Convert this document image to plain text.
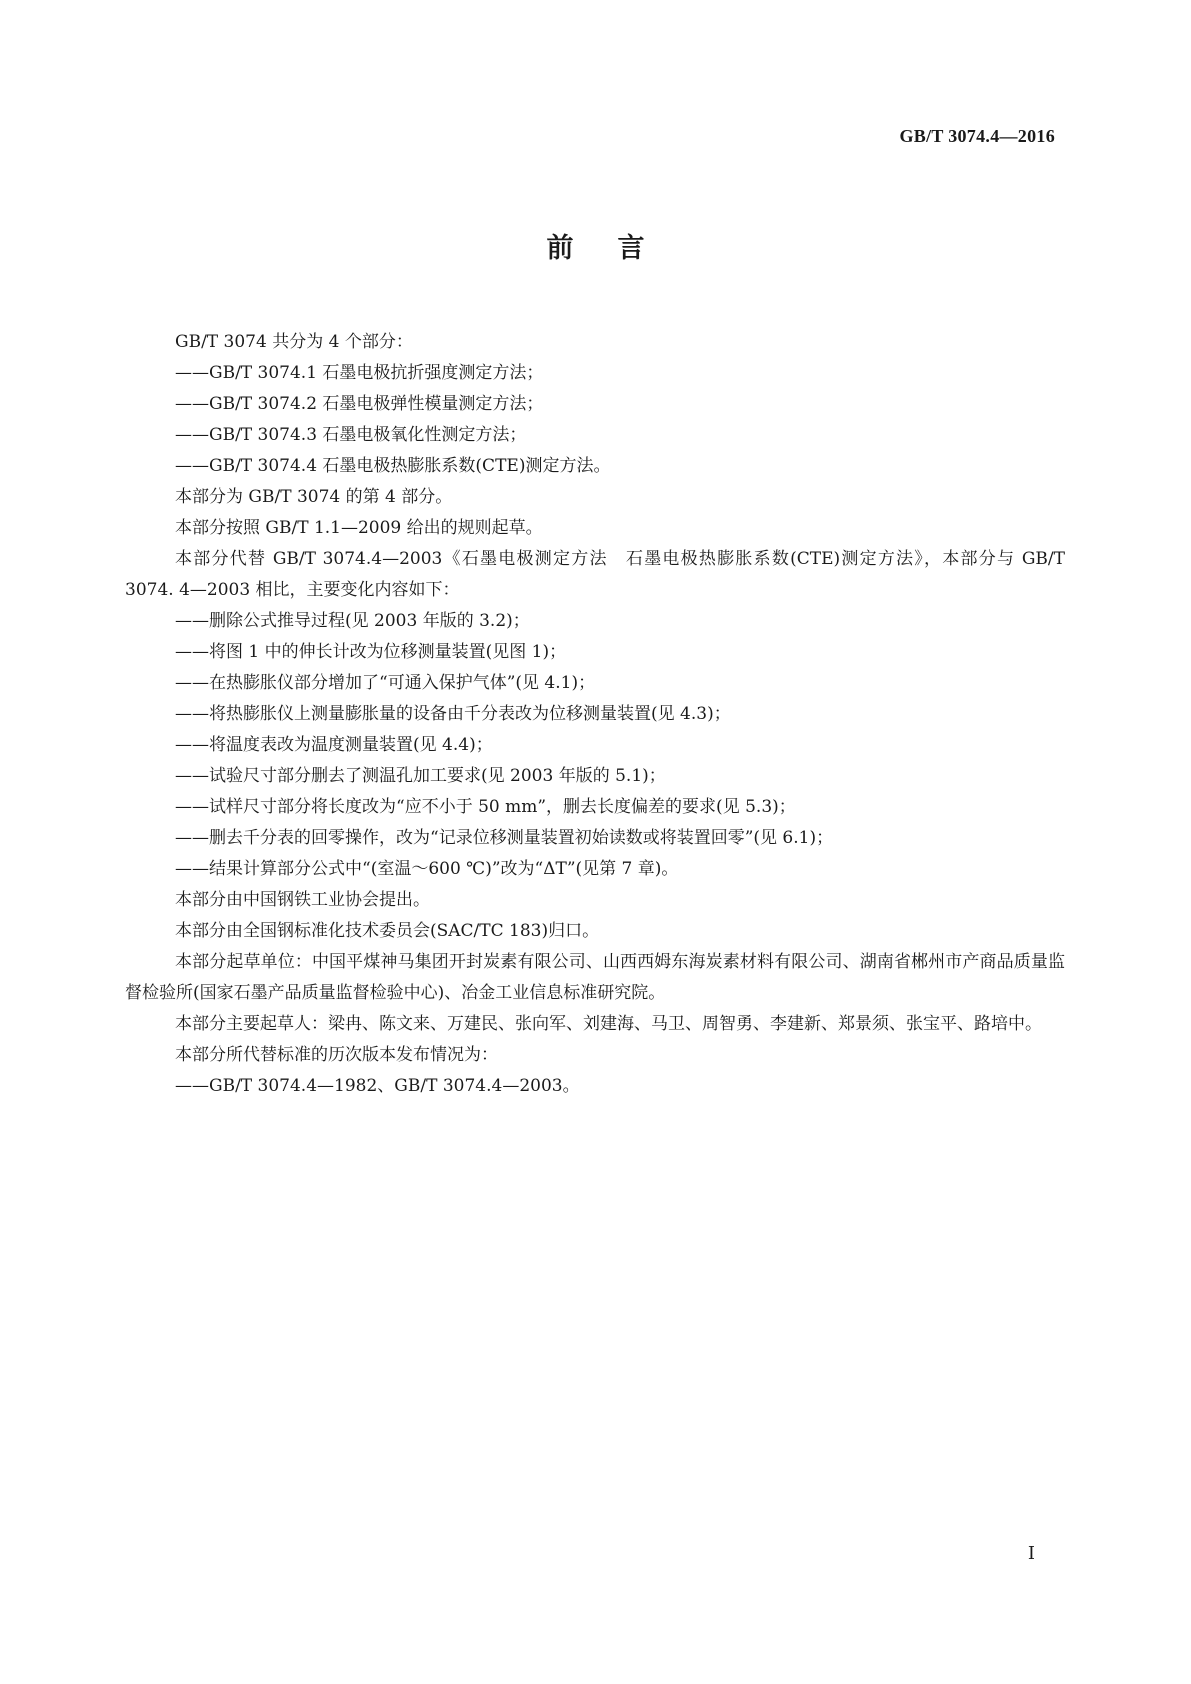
GB/T 3074.4—2016
前言

GB/T 3074 共分为 4 个部分：

——GB/T 3074.1 石墨电极抗折强度测定方法；

——GB/T 3074.2 石墨电极弹性模量测定方法；

——GB/T 3074.3 石墨电极氧化性测定方法；

——GB/T 3074.4 石墨电极热膨胀系数(CTE)测定方法。

本部分为 GB/T 3074 的第 4 部分。

本部分按照 GB/T 1.1—2009 给出的规则起草。

本部分代替 GB/T 3074.4—2003《石墨电极测定方法　石墨电极热膨胀系数(CTE)测定方法》，本部分与 GB/T 3074. 4—2003 相比，主要变化内容如下：

——删除公式推导过程(见 2003 年版的 3.2)；

——将图 1 中的伸长计改为位移测量装置(见图 1)；

——在热膨胀仪部分增加了“可通入保护气体”(见 4.1)；

——将热膨胀仪上测量膨胀量的设备由千分表改为位移测量装置(见 4.3)；

——将温度表改为温度测量装置(见 4.4)；

——试验尺寸部分删去了测温孔加工要求(见 2003 年版的 5.1)；

——试样尺寸部分将长度改为“应不小于 50 mm”，删去长度偏差的要求(见 5.3)；

——删去千分表的回零操作，改为“记录位移测量装置初始读数或将装置回零”(见 6.1)；

——结果计算部分公式中“(室温～600 ℃)”改为“ΔT”(见第 7 章)。

本部分由中国钢铁工业协会提出。

本部分由全国钢标准化技术委员会(SAC/TC 183)归口。

本部分起草单位：中国平煤神马集团开封炭素有限公司、山西西姆东海炭素材料有限公司、湖南省郴州市产商品质量监督检验所(国家石墨产品质量监督检验中心)、冶金工业信息标准研究院。

本部分主要起草人：梁冉、陈文来、万建民、张向军、刘建海、马卫、周智勇、李建新、郑景须、张宝平、路培中。

本部分所代替标准的历次版本发布情况为：

——GB/T 3074.4—1982、GB/T 3074.4—2003。

I
